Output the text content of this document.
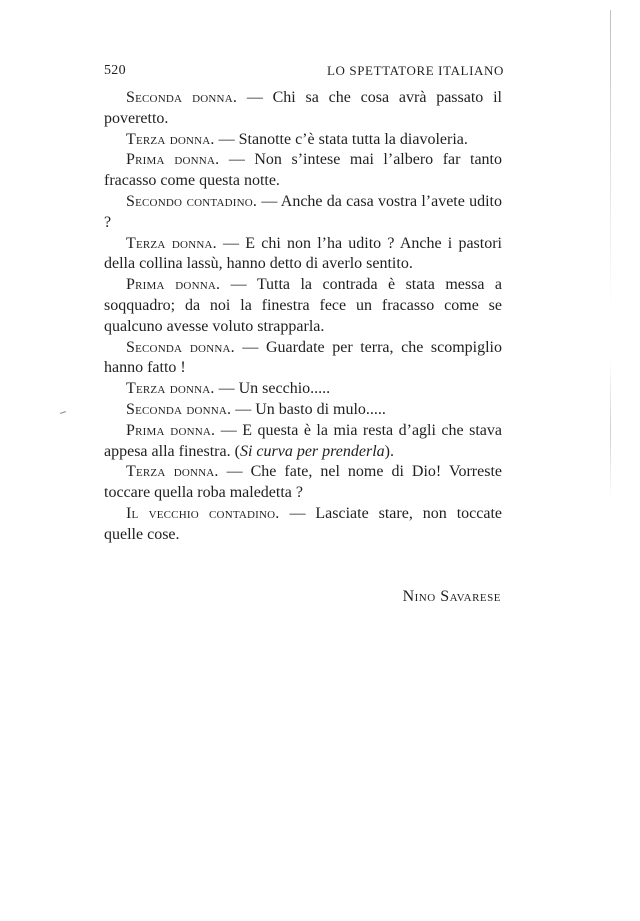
520	LO SPETTATORE ITALIANO

Seconda donna. — Chi sa che cosa avrà passato il poveretto.

Terza donna. — Stanotte c’è stata tutta la diavoleria.

Prima donna. — Non s’intese mai l’albero far tanto fracasso come questa notte.

Secondo contadino. — Anche da casa vostra l’avete udito ?

Terza donna. — E chi non l’ha udito ? Anche i pastori della collina lassù, hanno detto di averlo sentito.

Prima donna. — Tutta la contrada è stata messa a soqquadro; da noi la finestra fece un fracasso come se qualcuno avesse voluto strapparla.

Seconda donna. — Guardate per terra, che scompiglio hanno fatto !

Terza donna. — Un secchio.....

Seconda donna. — Un basto di mulo.....

Prima donna. — E questa è la mia resta d’agli che stava appesa alla finestra. (Si curva per prenderla).

Terza donna. — Che fate, nel nome di Dio! Vorreste toccare quella roba maledetta ?

Il vecchio contadino. — Lasciate stare, non toccate quelle cose.

Nino Savarese
